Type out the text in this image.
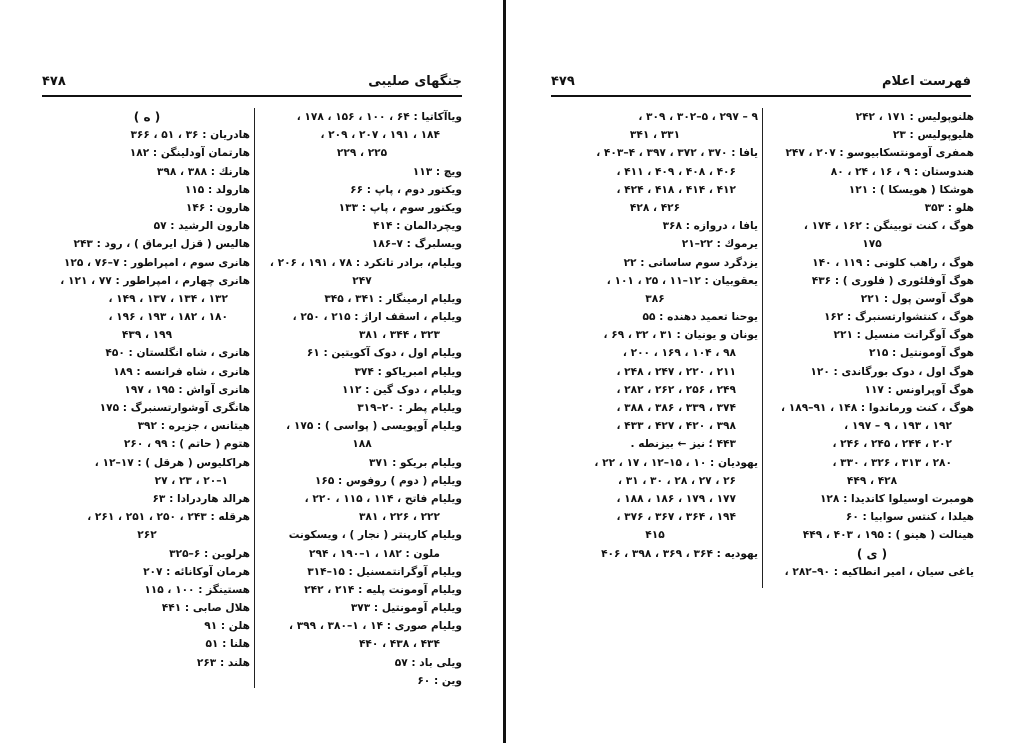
جنگهای صلیبی
۴۷۸
ویاآکاتیا : ۶۴ ، ۱۰۰ ، ۱۵۶ ، ۱۷۸ ،
۱۸۴ ، ۱۹۱ ، ۲۰۷ ، ۲۰۹ ،
۲۲۵ ، ۲۲۹
ویچ : ۱۱۳
ویکتور دوم ، پاپ : ۶۶
ویکتور سوم ، پاپ : ۱۳۳
ویچردالمان : ۴۱۴
ویسلبرگ : ۷–۱۸۶
ویلیام، برادر تانکرد : ۷۸ ، ۱۹۱ ، ۲۰۶ ،
۲۴۷
ویلیام ارمینگار : ۳۴۱ ، ۳۴۵
ویلیام ، اسقف اراژ : ۲۱۵ ، ۲۵۰ ،
۳۲۳ ، ۳۴۴ ، ۳۸۱
ویلیام اول ، دوک آکویتین : ۶۱
ویلیام امبریاکو : ۳۷۴
ویلیام ، دوک گین : ۱۱۲
ویلیام پطر : ۲۰–۳۱۹
ویلیام آوپویسی ( پواسی ) : ۱۷۵ ،
۱۸۸
ویلیام بریکو : ۳۷۱
ویلیام ( دوم ) روفوس : ۱۶۵
ویلیام فاتح ، ۱۱۴ ، ۱۱۵ ، ۲۲۰ ،
۲۲۲ ، ۲۲۶ ، ۳۸۱
ویلیام کارپنتر ( نجار ) ، ویسکونت
ملون : ۱۸۲ ، ۱–۱۹۰ ، ۲۹۴
ویلیام آوگرانتمسنیل : ۱۵–۳۱۴
ویلیام آومونت پلیه : ۲۱۴ ، ۲۴۲
ویلیام آومونتیل : ۳۷۳
ویلیام صوری : ۱۴ ، ۱–۳۸۰ ، ۳۹۹ ،
۴۳۴ ، ۴۳۸ ، ۴۴۰
ویلی باد : ۵۷
وین : ۶۰
( ه )
هادریان : ۳۶ ، ۵۱ ، ۳۶۶
هارتمان آودلینگن : ۱۸۲
هارنك : ۳۸۸ ، ۳۹۸
هارولد : ۱۱۵
هارون : ۱۴۶
هارون الرشید : ۵۷
هالیس ( قزل ایرماق ) ، رود : ۲۴۳
هانری سوم ، امپراطور : ۷–۷۶ ، ۱۲۵
هانری چهارم ، امپراطور : ۷۷ ، ۱۲۱ ،
۱۳۲ ، ۱۳۴ ، ۱۳۷ ، ۱۴۹ ،
۱۸۰ ، ۱۸۲ ، ۱۹۳ ، ۱۹۶ ،
۱۹۹ ، ۴۳۹
هانری ، شاه انگلستان : ۴۵۰
هانری ، شاه فرانسه : ۱۸۹
هانری آواش : ۱۹۵ ، ۱۹۷
هانگری آوشوارتسنبرگ : ۱۷۵
هیتانس ، جزیره : ۳۹۲
هتوم ( حاتم ) : ۹۹ ، ۲۶۰
هراکلیوس ( هرقل ) : ۱۷–۱۲ ،
۱–۲۰ ، ۲۳ ، ۲۷
هرالد هاردرادا : ۶۳
هرقله : ۲۴۳ ، ۲۵۰ ، ۲۵۱ ، ۲۶۱ ،
۲۶۲
هرلوین : ۶–۳۲۵
هرمان آوکانائه : ۲۰۷
هستینگز : ۱۰۰ ، ۱۱۵
هلال صابی : ۴۴۱
هلن : ۹۱
هلنا : ۵۱
هلند : ۲۶۳
فهرست اعلام
۴۷۹
هلنوپولیس : ۱۷۱ ، ۲۴۲
هلیوپولیس : ۲۳
همفری آومونتسکابیوسو : ۲۰۷ ، ۲۴۷
هندوستان : ۹ ، ۱۶ ، ۲۴ ، ۸۰
هوشکا ( هویسکا ) : ۱۲۱
هلو : ۳۵۳
هوگ ، کنت توبینگن : ۱۶۲ ، ۱۷۴ ،
۱۷۵
هوگ ، راهب کلونی : ۱۱۹ ، ۱۴۰
هوگ آوفلئوری ( فلوری ) : ۴۳۶
هوگ آوسن پول : ۲۲۱
هوگ ، کنتشوارتسنبرگ : ۱۶۲
هوگ آوگرانت منسیل : ۲۲۱
هوگ آومونتیل : ۲۱۵
هوگ اول ، دوک بورگاندی : ۱۲۰
هوگ آوپراونس : ۱۱۷
هوگ ، کنت ورماندوا : ۱۴۸ ، ۹۱–۱۸۹ ،
۱۹۲ ، ۱۹۳ ، ۹ – ۱۹۷ ،
۲۰۲ ، ۲۴۴ ، ۲۴۵ ، ۲۴۶ ،
۲۸۰ ، ۳۱۳ ، ۳۲۶ ، ۳۳۰ ،
۴۲۸ ، ۴۴۹
هومبرت اوسیلوا کاندیدا : ۱۲۸
هیلدا ، کنتس سوابیا : ۶۰
هینالت ( هینو ) : ۱۹۵ ، ۴۰۳ ، ۴۴۹
( ی )
یاغی سیان ، امیر انطاکیه : ۹۰–۲۸۲ ،
۹ – ۲۹۷ ، ۵–۳۰۲ ، ۳۰۹ ،
۳۳۱ ، ۳۴۱
یافا : ۳۷۰ ، ۳۷۲ ، ۳۹۷ ، ۴–۴۰۳ ،
۴۰۶ ، ۴۰۸ ، ۴۰۹ ، ۴۱۱ ،
۴۱۲ ، ۴۱۴ ، ۴۱۸ ، ۴۲۴ ،
۴۲۶ ، ۴۲۸
یافا ، دروازه : ۳۶۸
یرموك : ۲۲–۲۱
یزدگرد سوم ساسانی : ۲۲
یعقوبیان : ۱۲–۱۱ ، ۲۵ ، ۱۰۱ ،
۳۸۶
یوحنا تعمید دهنده : ۵۵
یونان و یونیان : ۳۱ ، ۳۲ ، ۶۹ ،
۹۸ ، ۱۰۴ ، ۱۶۹ ، ۲۰۰ ،
۲۱۱ ، ۲۲۰ ، ۲۴۷ ، ۲۴۸ ،
۲۴۹ ، ۲۵۶ ، ۲۶۲ ، ۲۸۲ ،
۳۷۴ ، ۳۳۹ ، ۳۸۶ ، ۳۸۸ ،
۳۹۸ ، ۴۲۰ ، ۴۲۷ ، ۴۳۳ ،
۴۴۳ ؛ نیز ← بیزنطه .
یهودیان : ۱۰ ، ۱۵–۱۲ ، ۱۷ ، ۲۲ ،
۲۶ ، ۲۷ ، ۲۸ ، ۳۰ ، ۳۱ ،
۱۷۷ ، ۱۷۹ ، ۱۸۶ ، ۱۸۸ ،
۱۹۴ ، ۳۶۴ ، ۳۶۷ ، ۳۷۶ ،
۴۱۵
یهودیه : ۳۶۴ ، ۳۶۹ ، ۳۹۸ ، ۴۰۶
